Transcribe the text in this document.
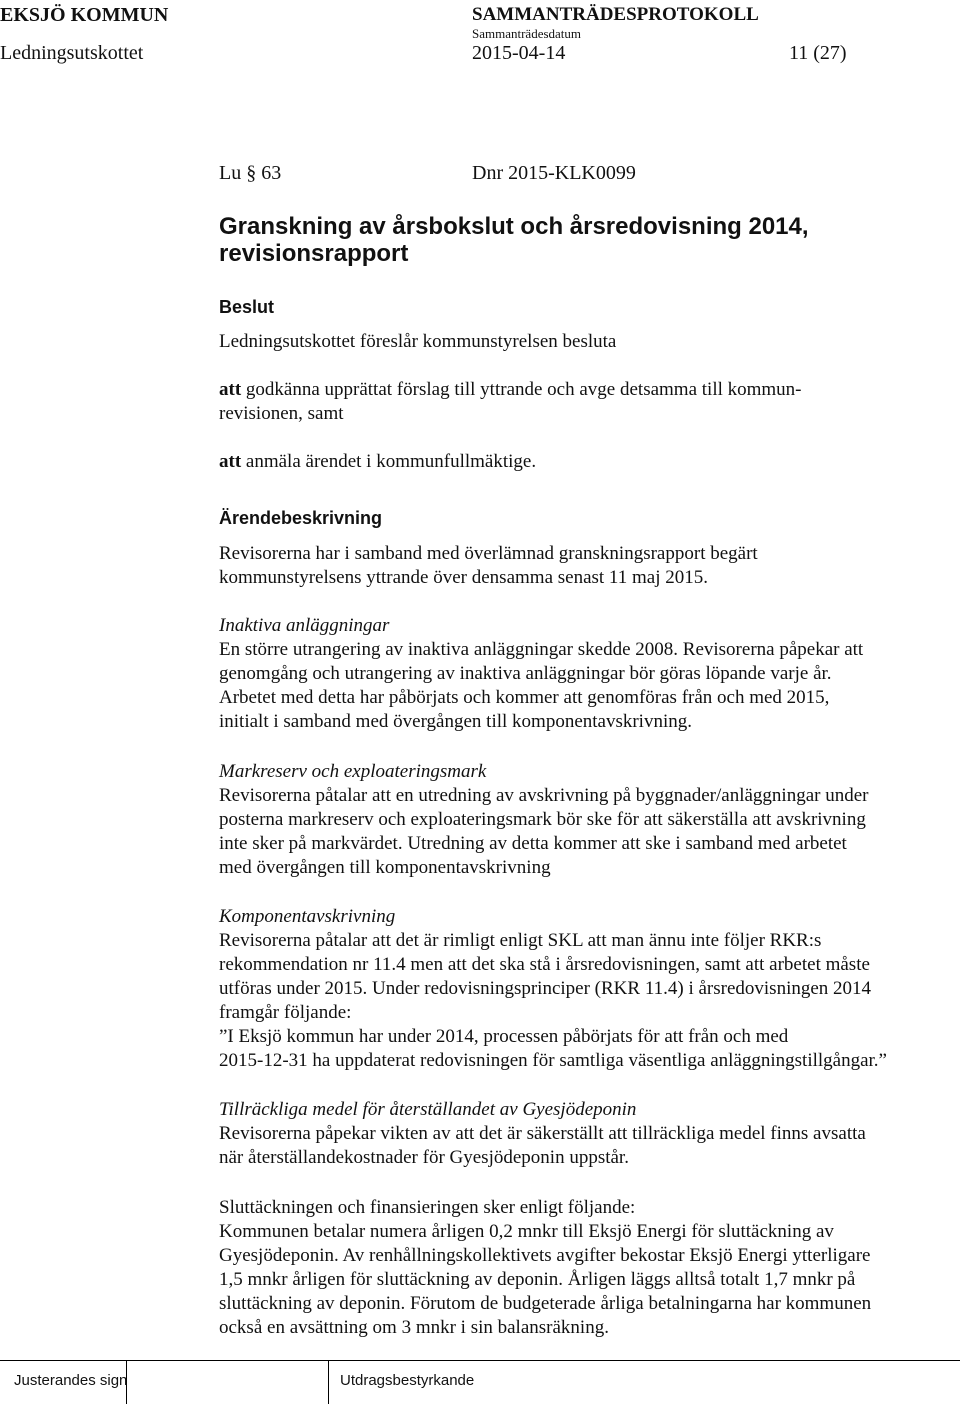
EKSJÖ KOMMUN	SAMMANTRÄDESPROTOKOLL
Sammanträdesdatum
Ledningsutskottet	2015-04-14	11 (27)
Lu § 63	Dnr 2015-KLK0099
Granskning av årsbokslut och årsredovisning 2014,
revisionsrapport
Beslut
Ledningsutskottet föreslår kommunstyrelsen besluta
att godkänna upprättat förslag till yttrande och avge detsamma till kommun-
revisionen, samt
att anmäla ärendet i kommunfullmäktige.
Ärendebeskrivning
Revisorerna har i samband med överlämnad granskningsrapport begärt
kommunstyrelsens yttrande över densamma senast 11 maj 2015.
Inaktiva anläggningar
En större utrangering av inaktiva anläggningar skedde 2008. Revisorerna påpekar att
genomgång och utrangering av inaktiva anläggningar bör göras löpande varje år.
Arbetet med detta har påbörjats och kommer att genomföras från och med 2015,
initialt i samband med övergången till komponentavskrivning.
Markreserv och exploateringsmark
Revisorerna påtalar att en utredning av avskrivning på byggnader/anläggningar under
posterna markreserv och exploateringsmark bör ske för att säkerställa att avskrivning
inte sker på markvärdet. Utredning av detta kommer att ske i samband med arbetet
med övergången till komponentavskrivning
Komponentavskrivning
Revisorerna påtalar att det är rimligt enligt SKL att man ännu inte följer RKR:s
rekommendation nr 11.4 men att det ska stå i årsredovisningen, samt att arbetet måste
utföras under 2015. Under redovisningsprinciper (RKR 11.4) i årsredovisningen 2014
framgår följande:
”I Eksjö kommun har under 2014, processen påbörjats för att från och med
2015-12-31 ha uppdaterat redovisningen för samtliga väsentliga anläggningstillgångar.”
Tillräckliga medel för återställandet av Gyesjödeponin
Revisorerna påpekar vikten av att det är säkerställt att tillräckliga medel finns avsatta
när återställandekostnader för Gyesjödeponin uppstår.
Sluttäckningen och finansieringen sker enligt följande:
Kommunen betalar numera årligen 0,2 mnkr till Eksjö Energi för sluttäckning av
Gyesjödeponin. Av renhållningskollektivets avgifter bekostar Eksjö Energi ytterligare
1,5 mnkr årligen för sluttäckning av deponin. Årligen läggs alltså totalt 1,7 mnkr på
sluttäckning av deponin. Förutom de budgeterade årliga betalningarna har kommunen
också en avsättning om 3 mnkr i sin balansräkning.
Justerandes sign	Utdragsbestyrkande
